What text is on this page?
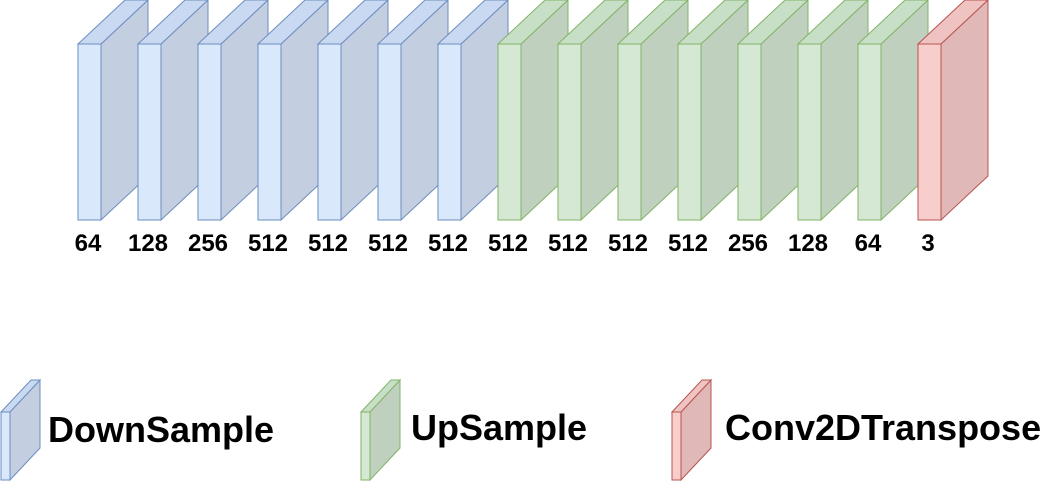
64 128 256 512 512 512 512 512 512 512 512 256 128 64 3
DownSample	UpSample	Conv2DTranspose
